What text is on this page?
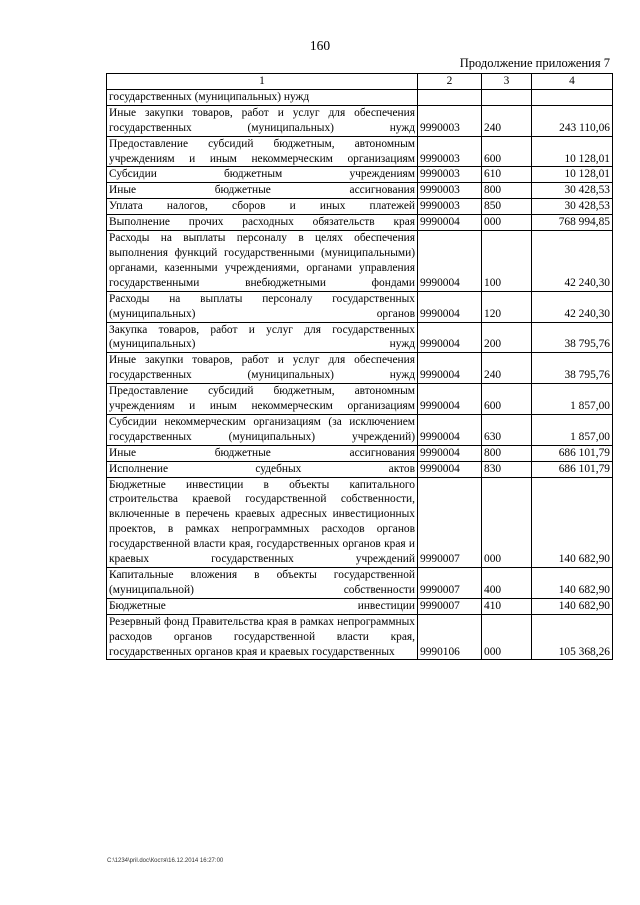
160
Продолжение приложения 7
1	2	3	4
государственных (муниципальных) нужд			
Иные закупки товаров, работ и услуг для обеспечения государственных (муниципальных) нужд	9990003	240	243 110,06
Предоставление субсидий бюджетным, автономным учреждениям и иным некоммерческим организациям	9990003	600	10 128,01
Субсидии бюджетным учреждениям	9990003	610	10 128,01
Иные бюджетные ассигнования	9990003	800	30 428,53
Уплата налогов, сборов и иных платежей	9990003	850	30 428,53
Выполнение прочих расходных обязательств края	9990004	000	768 994,85
Расходы на выплаты персоналу в целях обеспечения выполнения функций государственными (муниципальными) органами, казенными учреждениями, органами управления государственными внебюджетными фондами	9990004	100	42 240,30
Расходы на выплаты персоналу государственных (муниципальных) органов	9990004	120	42 240,30
Закупка товаров, работ и услуг для государственных (муниципальных) нужд	9990004	200	38 795,76
Иные закупки товаров, работ и услуг для обеспечения государственных (муниципальных) нужд	9990004	240	38 795,76
Предоставление субсидий бюджетным, автономным учреждениям и иным некоммерческим организациям	9990004	600	1 857,00
Субсидии некоммерческим организациям (за исключением государственных (муниципальных) учреждений)	9990004	630	1 857,00
Иные бюджетные ассигнования	9990004	800	686 101,79
Исполнение судебных актов	9990004	830	686 101,79
Бюджетные инвестиции в объекты капитального строительства краевой государственной собственности, включенные в перечень краевых адресных инвестиционных проектов, в рамках непрограммных расходов органов государственной власти края, государственных органов края и краевых государственных учреждений	9990007	000	140 682,90
Капитальные вложения в объекты государственной (муниципальной) собственности	9990007	400	140 682,90
Бюджетные инвестиции	9990007	410	140 682,90
Резервный фонд Правительства края в рамках непрограммных расходов органов государственной власти края, государственных органов края и краевых государственных	9990106	000	105 368,26
C:\1234\pril.doc\Костя\16.12.2014 16:27:00
